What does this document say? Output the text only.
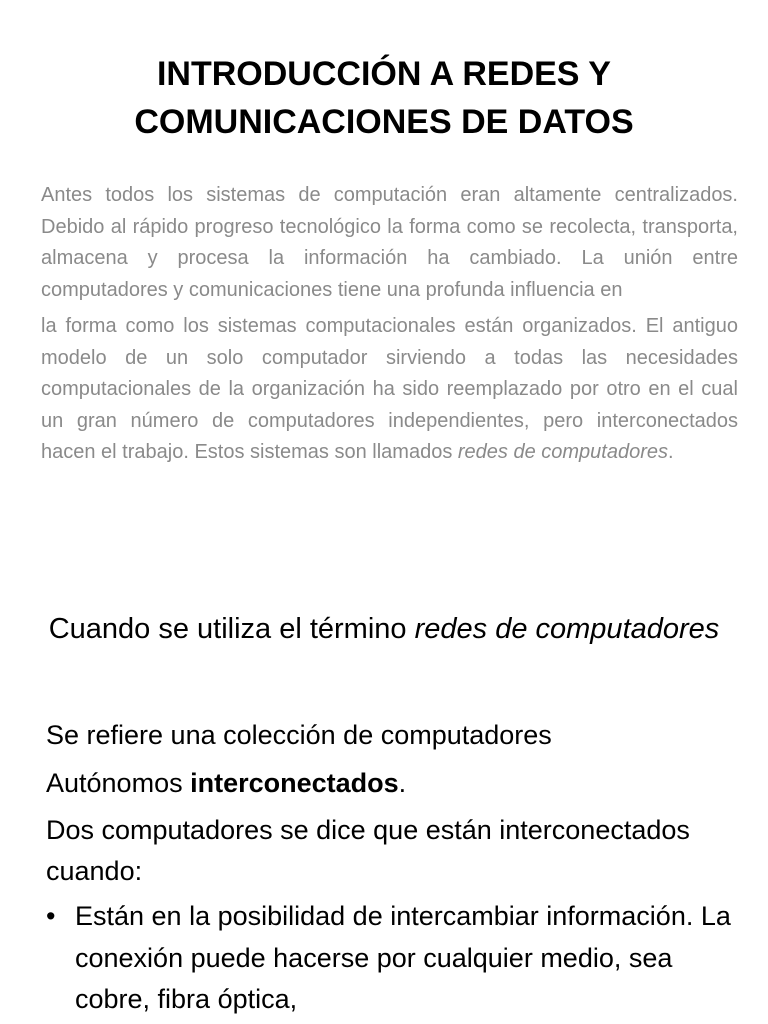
INTRODUCCIÓN A REDES Y
COMUNICACIONES DE DATOS

Antes todos los sistemas de computación eran altamente centralizados. Debido al rápido progreso tecnológico la forma como se recolecta, transporta, almacena y procesa la información ha cambiado. La unión entre computadores y comunicaciones tiene una profunda influencia en

la forma como los sistemas computacionales están organizados. El antiguo modelo de un solo computador sirviendo a todas las necesidades computacionales de la organización ha sido reemplazado por otro en el cual un gran número de computadores independientes, pero interconectados hacen el trabajo. Estos sistemas son llamados redes de computadores.

Cuando se utiliza el término redes de computadores

Se refiere una colección de computadores

Autónomos interconectados.

Dos computadores se dice que están interconectados cuando:

• Están en la posibilidad de intercambiar información. La conexión puede hacerse por cualquier medio, sea cobre, fibra óptica,
